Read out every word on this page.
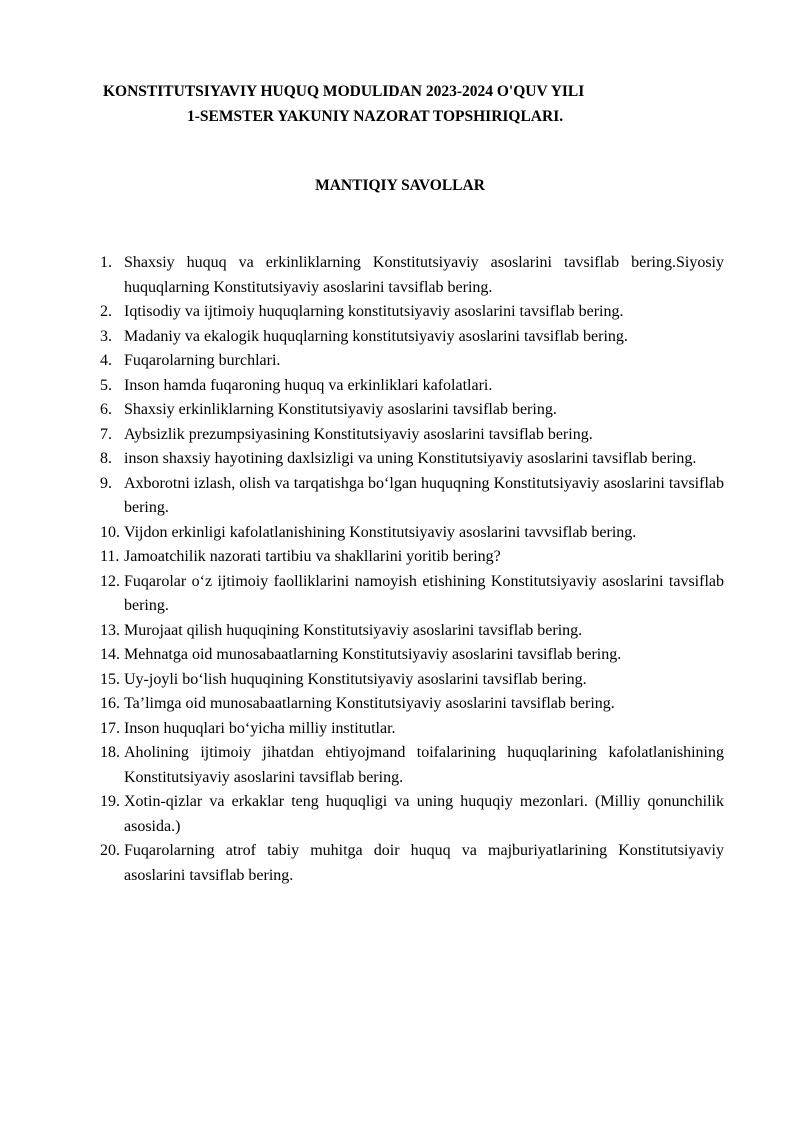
KONSTITUTSIYAVIY HUQUQ MODULIDAN 2023-2024 O'QUV YILI
1-SEMSTER YAKUNIY NAZORAT TOPSHIRIQLARI.
MANTIQIY SAVOLLAR
1. Shaxsiy huquq va erkinliklarning Konstitutsiyaviy asoslarini tavsiflab bering.Siyosiy huquqlarning Konstitutsiyaviy asoslarini tavsiflab bering.
2. Iqtisodiy va ijtimoiy huquqlarning konstitutsiyaviy asoslarini tavsiflab bering.
3. Madaniy va ekalogik huquqlarning konstitutsiyaviy asoslarini tavsiflab bering.
4. Fuqarolarning burchlari.
5. Inson hamda fuqaroning huquq va erkinliklari kafolatlari.
6. Shaxsiy erkinliklarning Konstitutsiyaviy asoslarini tavsiflab bering.
7. Aybsizlik prezumpsiyasining Konstitutsiyaviy asoslarini tavsiflab bering.
8. inson shaxsiy hayotining daxlsizligi va uning Konstitutsiyaviy asoslarini tavsiflab bering.
9. Axborotni izlash, olish va tarqatishga bo‘lgan huquqning Konstitutsiyaviy asoslarini tavsiflab bering.
10. Vijdon erkinligi kafolatlanishining Konstitutsiyaviy asoslarini tavvsiflab bering.
11. Jamoatchilik nazorati tartibiu va shakllarini yoritib bering?
12. Fuqarolar o‘z ijtimoiy faolliklarini namoyish etishining Konstitutsiyaviy asoslarini tavsiflab bering.
13. Murojaat qilish huquqining Konstitutsiyaviy asoslarini tavsiflab bering.
14. Mehnatga oid munosabaatlarning Konstitutsiyaviy asoslarini tavsiflab bering.
15. Uy-joyli bo‘lish huquqining Konstitutsiyaviy asoslarini tavsiflab bering.
16. Ta’limga oid munosabaatlarning Konstitutsiyaviy asoslarini tavsiflab bering.
17. Inson huquqlari bo‘yicha milliy institutlar.
18. Aholining ijtimoiy jihatdan ehtiyojmand toifalarining huquqlarining kafolatlanishining Konstitutsiyaviy asoslarini tavsiflab bering.
19. Xotin-qizlar va erkaklar teng huquqligi va uning huquqiy mezonlari. (Milliy qonunchilik asosida.)
20. Fuqarolarning atrof tabiy muhitga doir huquq va majburiyatlarining Konstitutsiyaviy asoslarini tavsiflab bering.
